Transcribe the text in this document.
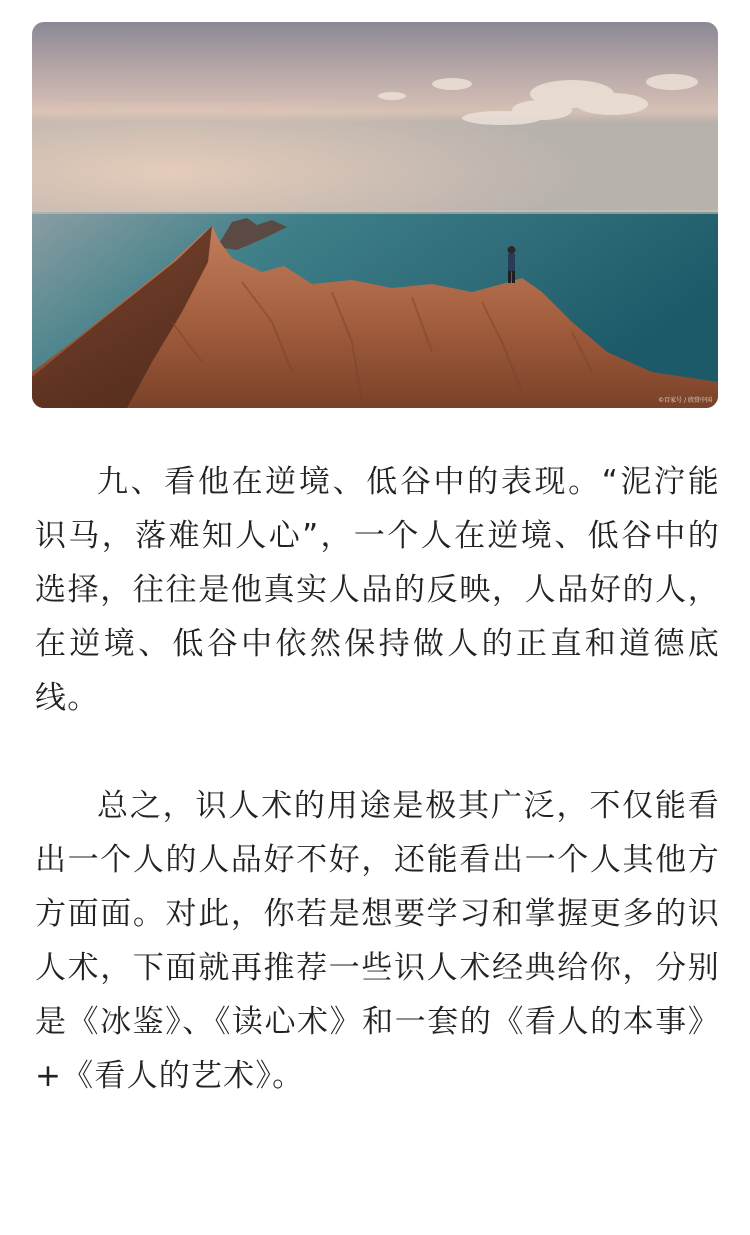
©百家号 / 欣赏中国

九、看他在逆境、低谷中的表现。“泥泞能识马，落难知人心”，一个人在逆境、低谷中的选择，往往是他真实人品的反映，人品好的人，在逆境、低谷中依然保持做人的正直和道德底线。

总之，识人术的用途是极其广泛，不仅能看出一个人的人品好不好，还能看出一个人其他方方面面。对此，你若是想要学习和掌握更多的识人术，下面就再推荐一些识人术经典给你，分别是《冰鉴》、《读心术》和一套的《看人的本事》+《看人的艺术》。
